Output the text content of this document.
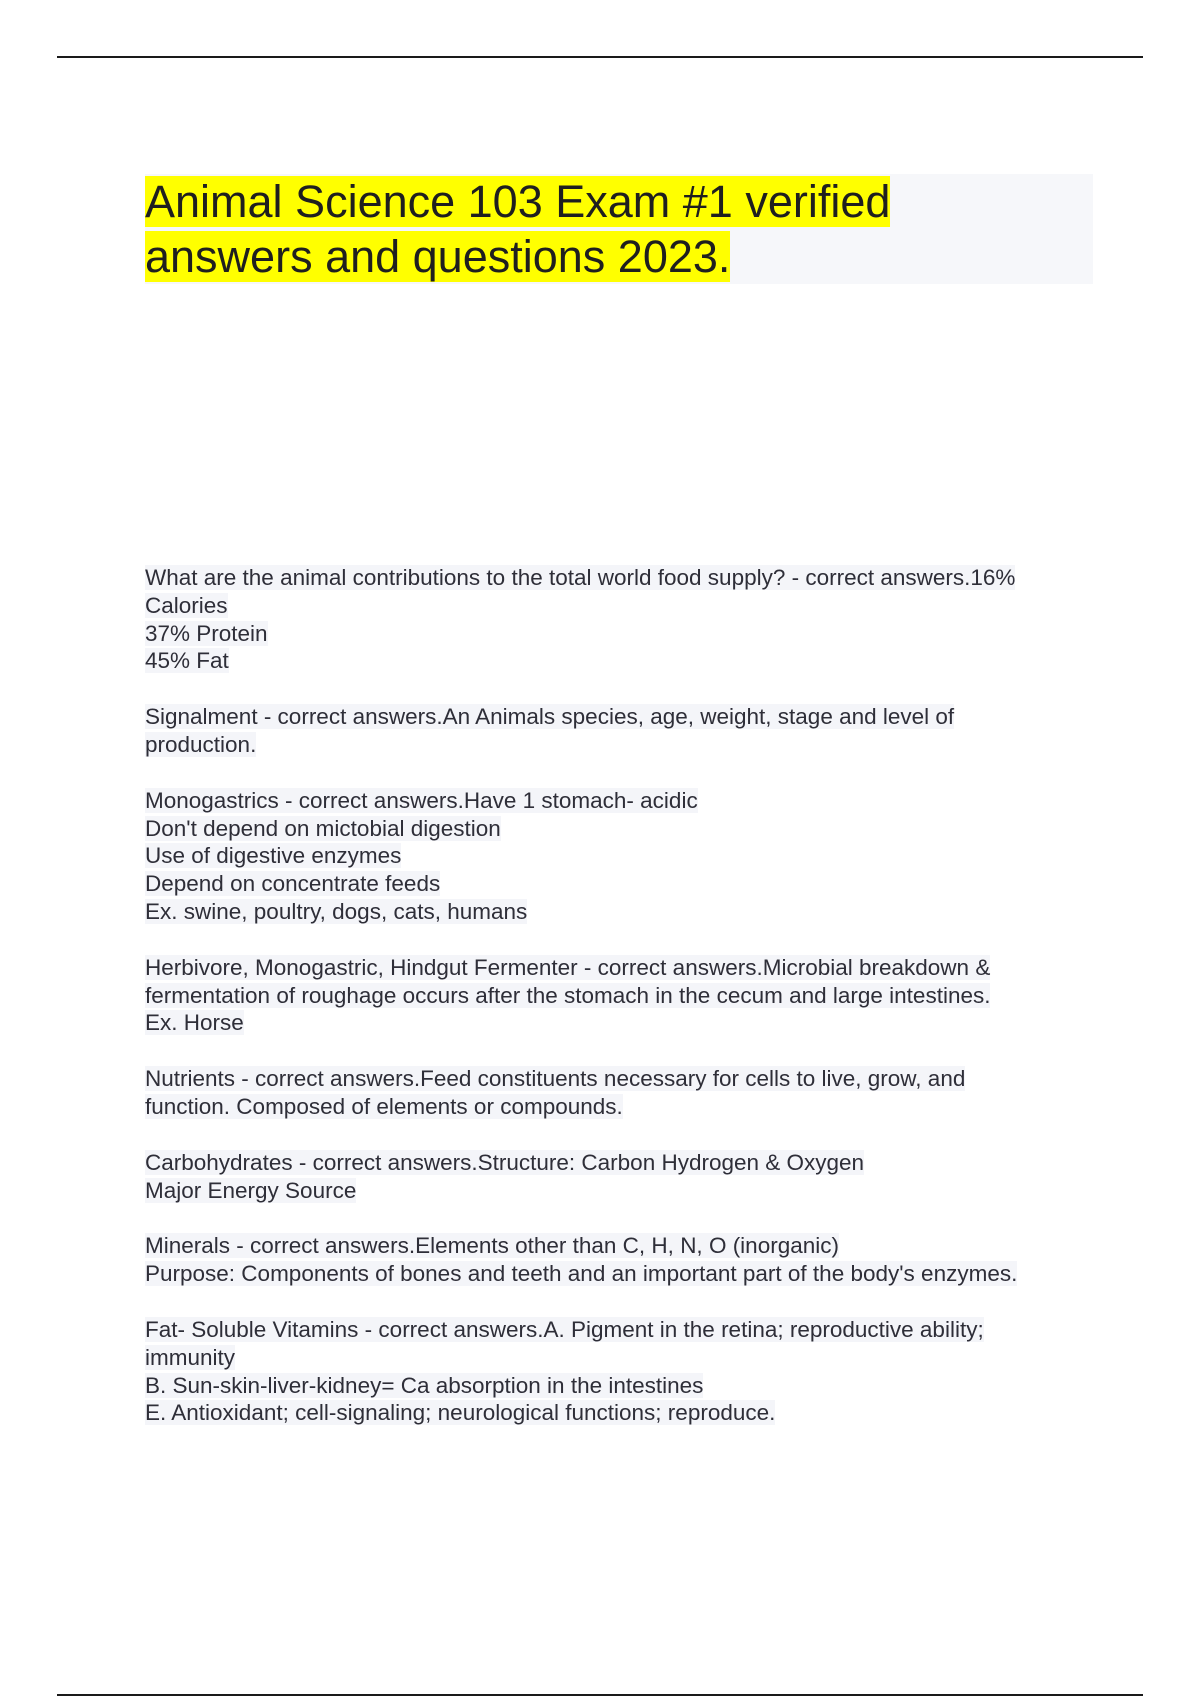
Animal Science 103 Exam #1 verified
answers and questions 2023.

What are the animal contributions to the total world food supply? - correct answers.16%
Calories
37% Protein
45% Fat

Signalment - correct answers.An Animals species, age, weight, stage and level of
production.

Monogastrics - correct answers.Have 1 stomach- acidic
Don't depend on mictobial digestion
Use of digestive enzymes
Depend on concentrate feeds
Ex. swine, poultry, dogs, cats, humans

Herbivore, Monogastric, Hindgut Fermenter - correct answers.Microbial breakdown &
fermentation of roughage occurs after the stomach in the cecum and large intestines.
Ex. Horse

Nutrients - correct answers.Feed constituents necessary for cells to live, grow, and
function. Composed of elements or compounds.

Carbohydrates - correct answers.Structure: Carbon Hydrogen & Oxygen
Major Energy Source

Minerals - correct answers.Elements other than C, H, N, O (inorganic)
Purpose: Components of bones and teeth and an important part of the body's enzymes.

Fat- Soluble Vitamins - correct answers.A. Pigment in the retina; reproductive ability;
immunity
B. Sun-skin-liver-kidney= Ca absorption in the intestines
E. Antioxidant; cell-signaling; neurological functions; reproduce.
